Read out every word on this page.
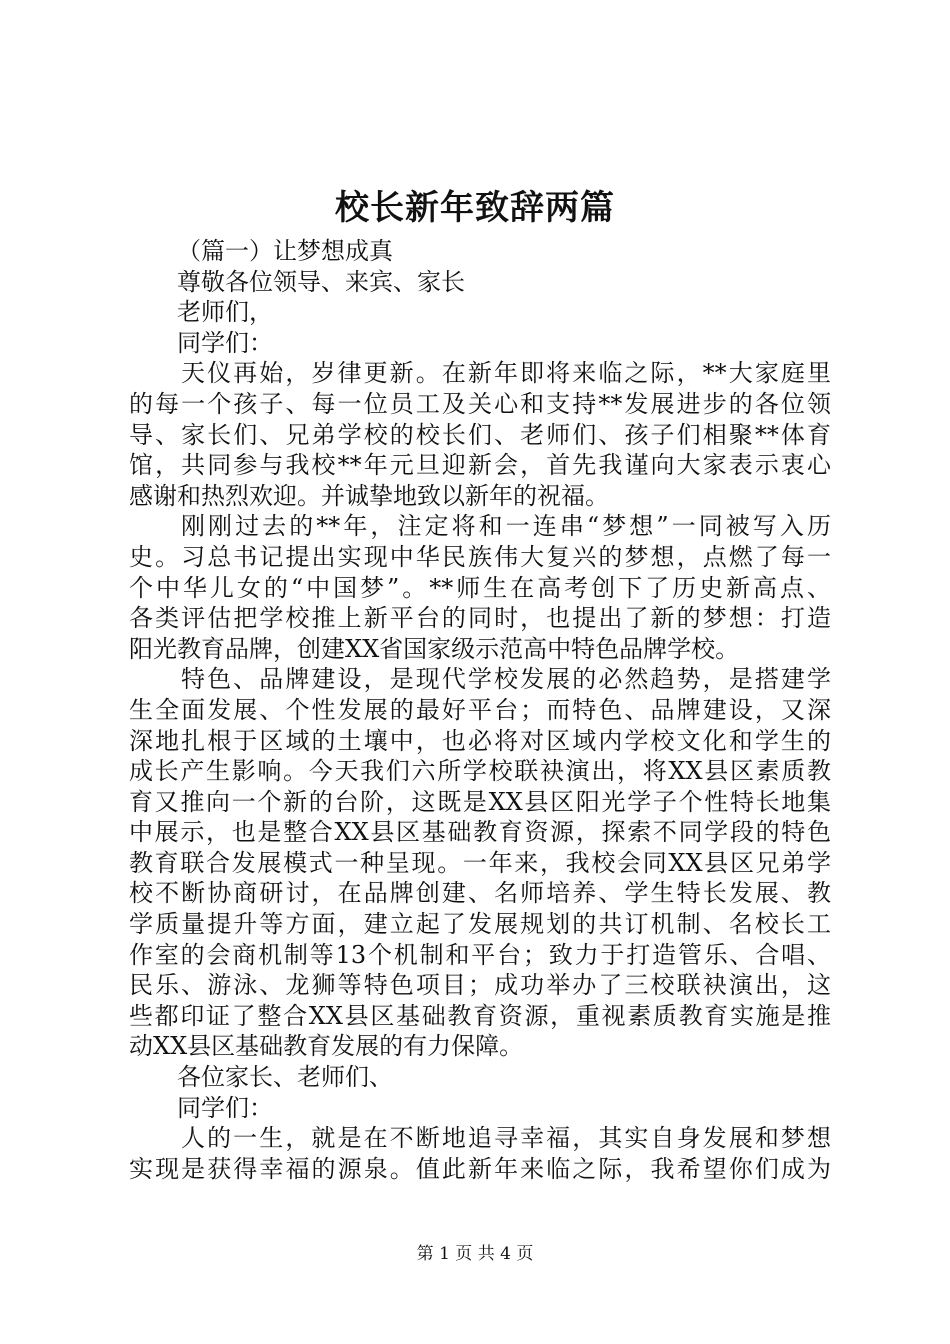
校长新年致辞两篇
（篇一）让梦想成真
尊敬各位领导、来宾、家长
老师们，
同学们：
天仪再始，岁律更新。在新年即将来临之际，**大家庭里
的每一个孩子、每一位员工及关心和支持**发展进步的各位领
导、家长们、兄弟学校的校长们、老师们、孩子们相聚**体育
馆，共同参与我校**年元旦迎新会，首先我谨向大家表示衷心
感谢和热烈欢迎。并诚挚地致以新年的祝福。
刚刚过去的**年，注定将和一连串“梦想”一同被写入历
史。习总书记提出实现中华民族伟大复兴的梦想，点燃了每一
个中华儿女的“中国梦”。**师生在高考创下了历史新高点、
各类评估把学校推上新平台的同时，也提出了新的梦想：打造
阳光教育品牌，创建XX省国家级示范高中特色品牌学校。
特色、品牌建设，是现代学校发展的必然趋势，是搭建学
生全面发展、个性发展的最好平台；而特色、品牌建设，又深
深地扎根于区域的土壤中，也必将对区域内学校文化和学生的
成长产生影响。今天我们六所学校联袂演出，将XX县区素质教
育又推向一个新的台阶，这既是XX县区阳光学子个性特长地集
中展示，也是整合XX县区基础教育资源，探索不同学段的特色
教育联合发展模式一种呈现。一年来，我校会同XX县区兄弟学
校不断协商研讨，在品牌创建、名师培养、学生特长发展、教
学质量提升等方面，建立起了发展规划的共订机制、名校长工
作室的会商机制等13个机制和平台；致力于打造管乐、合唱、
民乐、游泳、龙狮等特色项目；成功举办了三校联袂演出，这
些都印证了整合XX县区基础教育资源，重视素质教育实施是推
动XX县区基础教育发展的有力保障。
各位家长、老师们、
同学们：
人的一生，就是在不断地追寻幸福，其实自身发展和梦想
实现是获得幸福的源泉。值此新年来临之际，我希望你们成为
第 1 页 共 4 页
